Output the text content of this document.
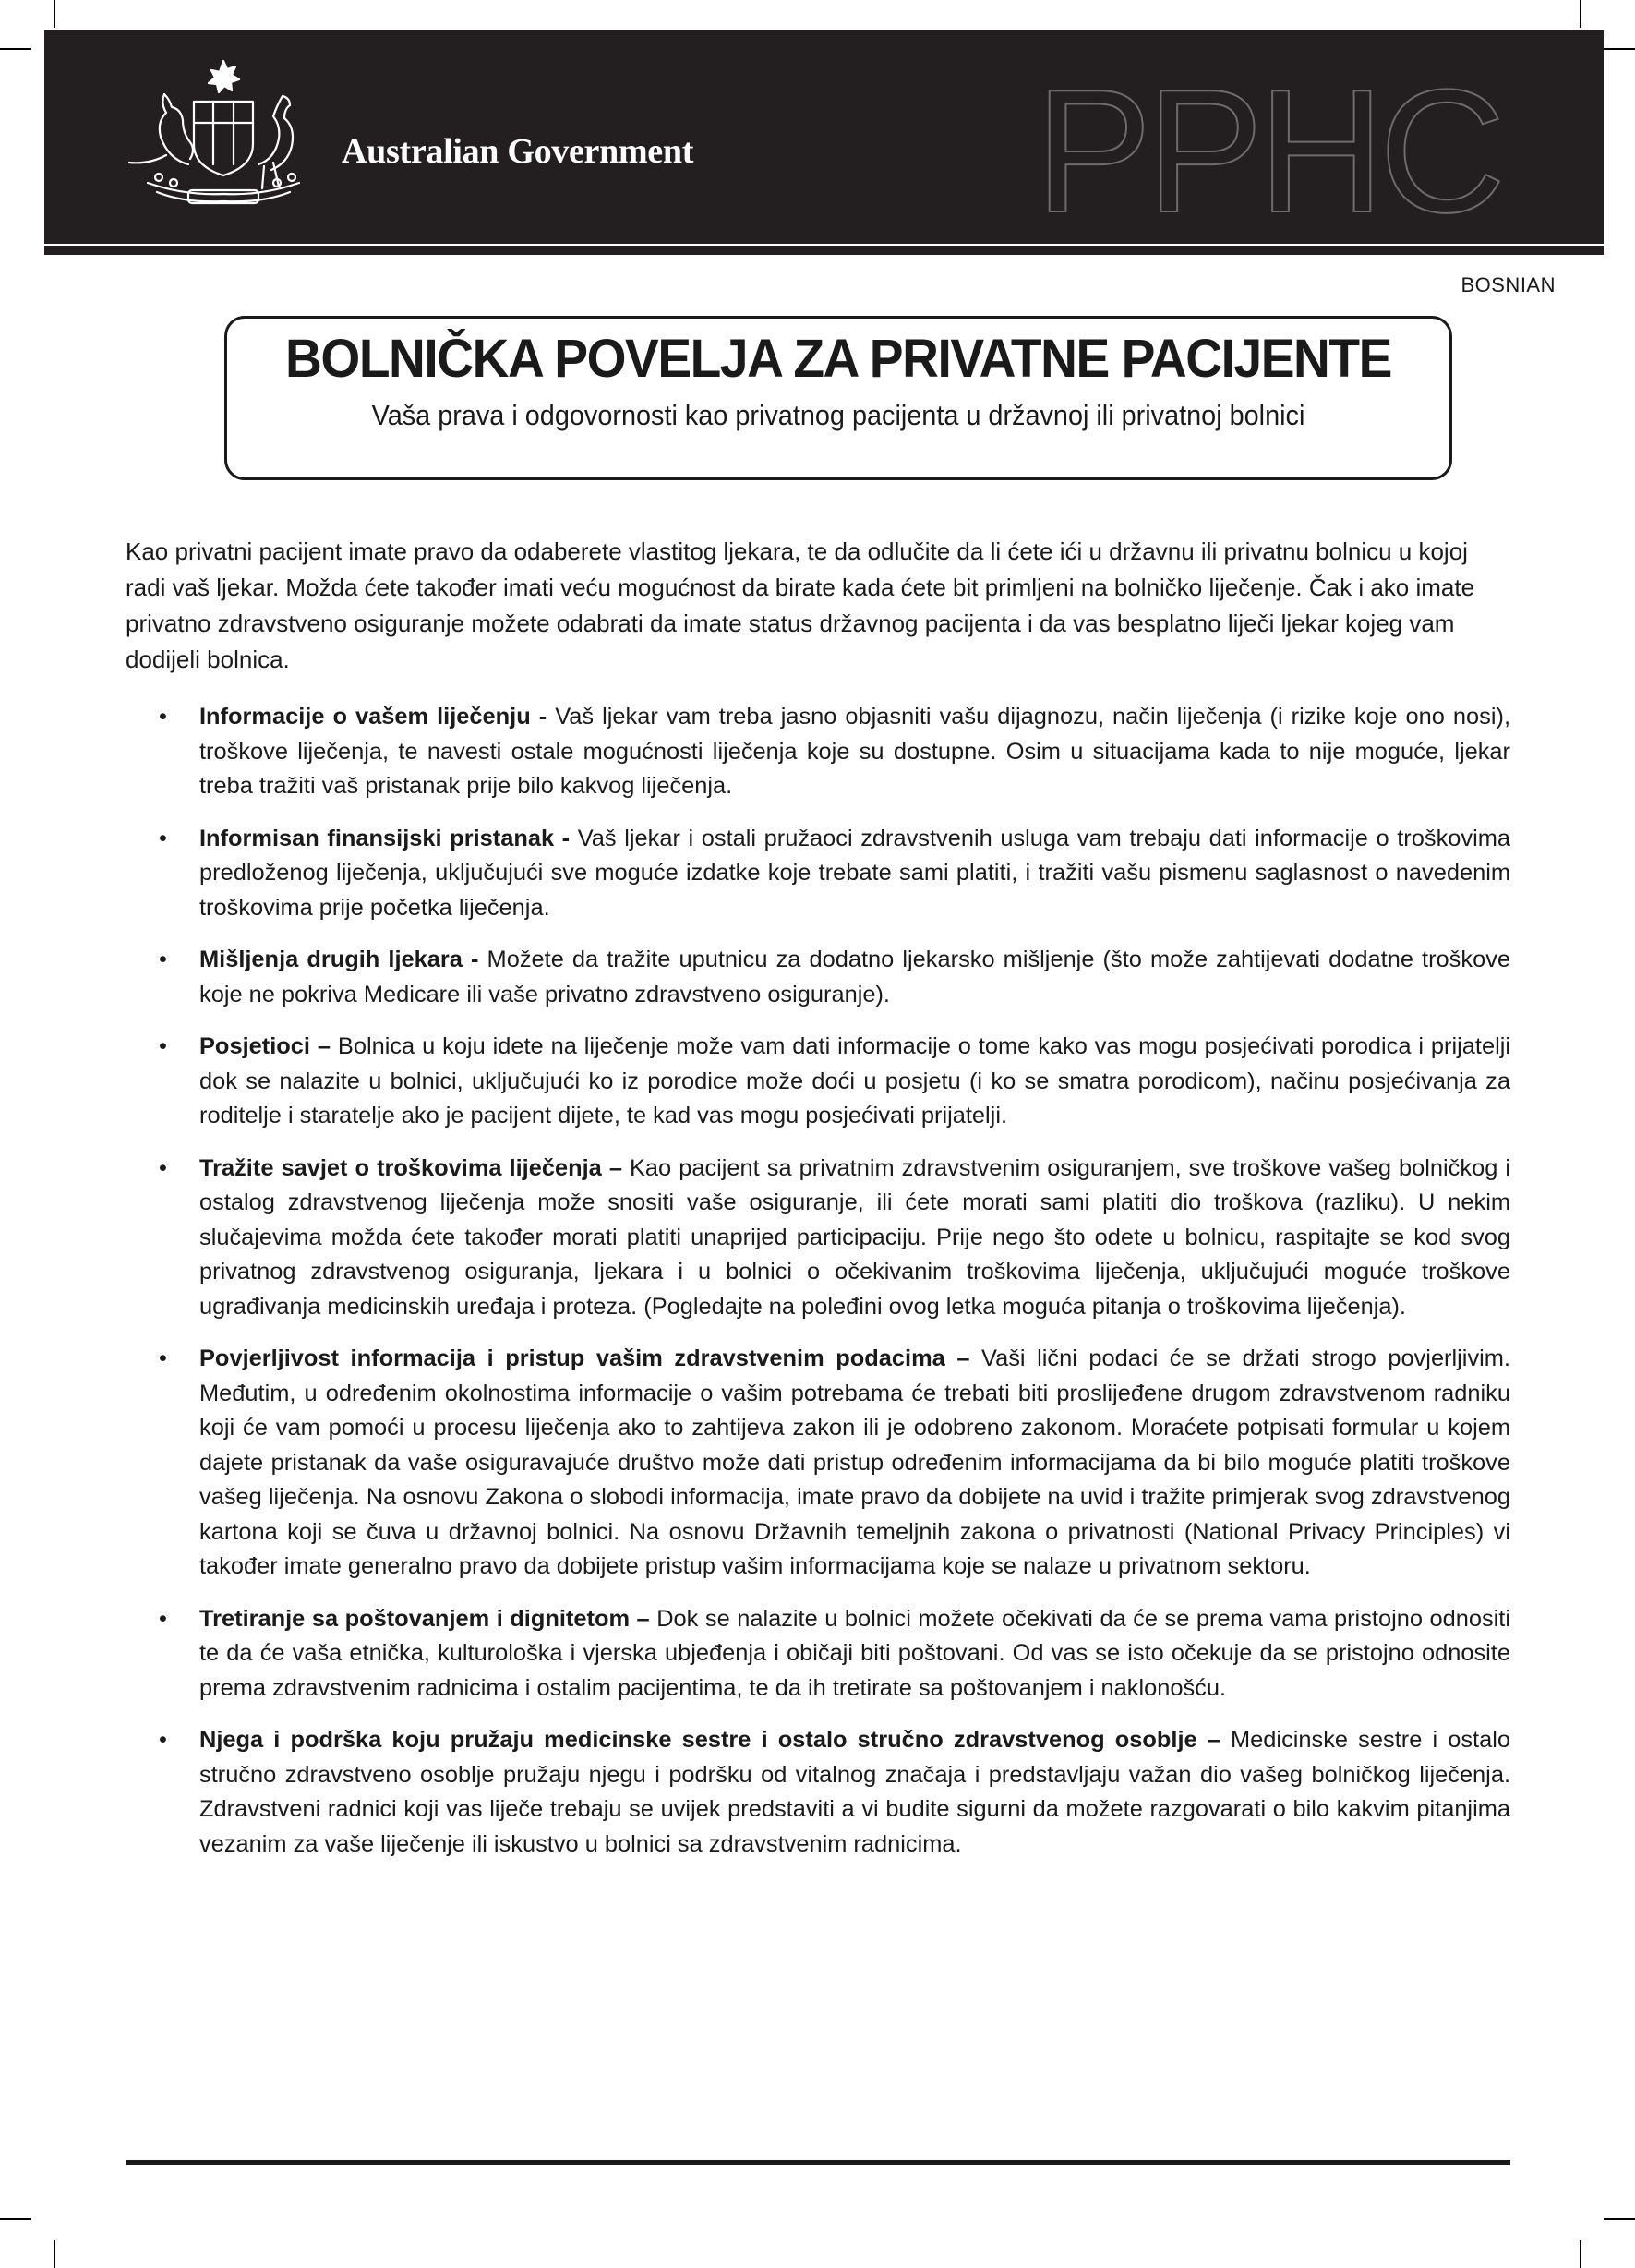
PPHC
Australian Government
BOSNIAN
BOLNIČKA POVELJA ZA PRIVATNE PACIJENTE
Vaša prava i odgovornosti kao privatnog pacijenta u državnoj ili privatnoj bolnici

Kao privatni pacijent imate pravo da odaberete vlastitog ljekara, te da odlučite da li ćete ići u državnu ili privatnu bolnicu u kojoj radi vaš ljekar. Možda ćete također imati veću mogućnost da birate kada ćete bit primljeni na bolničko liječenje. Čak i ako imate privatno zdravstveno osiguranje možete odabrati da imate status državnog pacijenta i da vas besplatno liječi ljekar kojeg vam dodijeli bolnica.

• Informacije o vašem liječenju - Vaš ljekar vam treba jasno objasniti vašu dijagnozu, način liječenja (i rizike koje ono nosi), troškove liječenja, te navesti ostale mogućnosti liječenja koje su dostupne. Osim u situacijama kada to nije moguće, ljekar treba tražiti vaš pristanak prije bilo kakvog liječenja.
• Informisan finansijski pristanak - Vaš ljekar i ostali pružaoci zdravstvenih usluga vam trebaju dati informacije o troškovima predloženog liječenja, uključujući sve moguće izdatke koje trebate sami platiti, i tražiti vašu pismenu saglasnost o navedenim troškovima prije početka liječenja.
• Mišljenja drugih ljekara - Možete da tražite uputnicu za dodatno ljekarsko mišljenje (što može zahtijevati dodatne troškove koje ne pokriva Medicare ili vaše privatno zdravstveno osiguranje).
• Posjetioci – Bolnica u koju idete na liječenje može vam dati informacije o tome kako vas mogu posjećivati porodica i prijatelji dok se nalazite u bolnici, uključujući ko iz porodice može doći u posjetu (i ko se smatra porodicom), načinu posjećivanja za roditelje i staratelje ako je pacijent dijete, te kad vas mogu posjećivati prijatelji.
• Tražite savjet o troškovima liječenja – Kao pacijent sa privatnim zdravstvenim osiguranjem, sve troškove vašeg bolničkog i ostalog zdravstvenog liječenja može snositi vaše osiguranje, ili ćete morati sami platiti dio troškova (razliku). U nekim slučajevima možda ćete također morati platiti unaprijed participaciju. Prije nego što odete u bolnicu, raspitajte se kod svog privatnog zdravstvenog osiguranja, ljekara i u bolnici o očekivanim troškovima liječenja, uključujući moguće troškove ugrađivanja medicinskih uređaja i proteza. (Pogledajte na poleđini ovog letka moguća pitanja o troškovima liječenja).
• Povjerljivost informacija i pristup vašim zdravstvenim podacima – Vaši lični podaci će se držati strogo povjerljivim. Međutim, u određenim okolnostima informacije o vašim potrebama će trebati biti proslijeđene drugom zdravstvenom radniku koji će vam pomoći u procesu liječenja ako to zahtijeva zakon ili je odobreno zakonom. Moraćete potpisati formular u kojem dajete pristanak da vaše osiguravajuće društvo može dati pristup određenim informacijama da bi bilo moguće platiti troškove vašeg liječenja. Na osnovu Zakona o slobodi informacija, imate pravo da dobijete na uvid i tražite primjerak svog zdravstvenog kartona koji se čuva u državnoj bolnici. Na osnovu Državnih temeljnih zakona o privatnosti (National Privacy Principles) vi također imate generalno pravo da dobijete pristup vašim informacijama koje se nalaze u privatnom sektoru.
• Tretiranje sa poštovanjem i dignitetom – Dok se nalazite u bolnici možete očekivati da će se prema vama pristojno odnositi te da će vaša etnička, kulturološka i vjerska ubjeđenja i običaji biti poštovani. Od vas se isto očekuje da se pristojno odnosite prema zdravstvenim radnicima i ostalim pacijentima, te da ih tretirate sa poštovanjem i naklonošću.
• Njega i podrška koju pružaju medicinske sestre i ostalo stručno zdravstvenog osoblje – Medicinske sestre i ostalo stručno zdravstveno osoblje pružaju njegu i podršku od vitalnog značaja i predstavljaju važan dio vašeg bolničkog liječenja. Zdravstveni radnici koji vas liječe trebaju se uvijek predstaviti a vi budite sigurni da možete razgovarati o bilo kakvim pitanjima vezanim za vaše liječenje ili iskustvo u bolnici sa zdravstvenim radnicima.
